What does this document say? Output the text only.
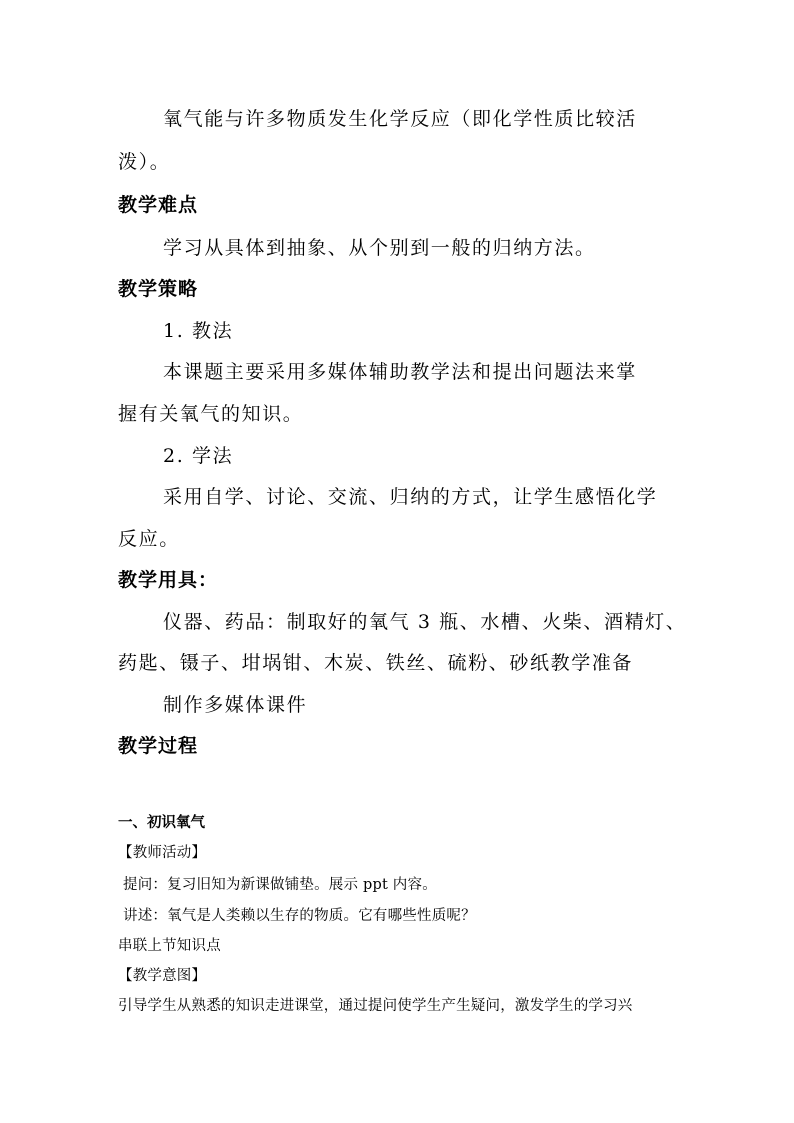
氧气能与许多物质发生化学反应（即化学性质比较活

泼）。

教学难点

学习从具体到抽象、从个别到一般的归纳方法。

教学策略

1. 教法

本课题主要采用多媒体辅助教学法和提出问题法来掌

握有关氧气的知识。

2. 学法

采用自学、讨论、交流、归纳的方式，让学生感悟化学

反应。

教学用具：

仪器、药品：制取好的氧气 3 瓶、水槽、火柴、酒精灯、

药匙、镊子、坩埚钳、木炭、铁丝、硫粉、砂纸教学准备

制作多媒体课件

教学过程

一、初识氧气

【教师活动】

提问：复习旧知为新课做铺垫。展示 ppt 内容。

讲述：氧气是人类赖以生存的物质。它有哪些性质呢？

串联上节知识点

【教学意图】

引导学生从熟悉的知识走进课堂，通过提问使学生产生疑问，激发学生的学习兴
